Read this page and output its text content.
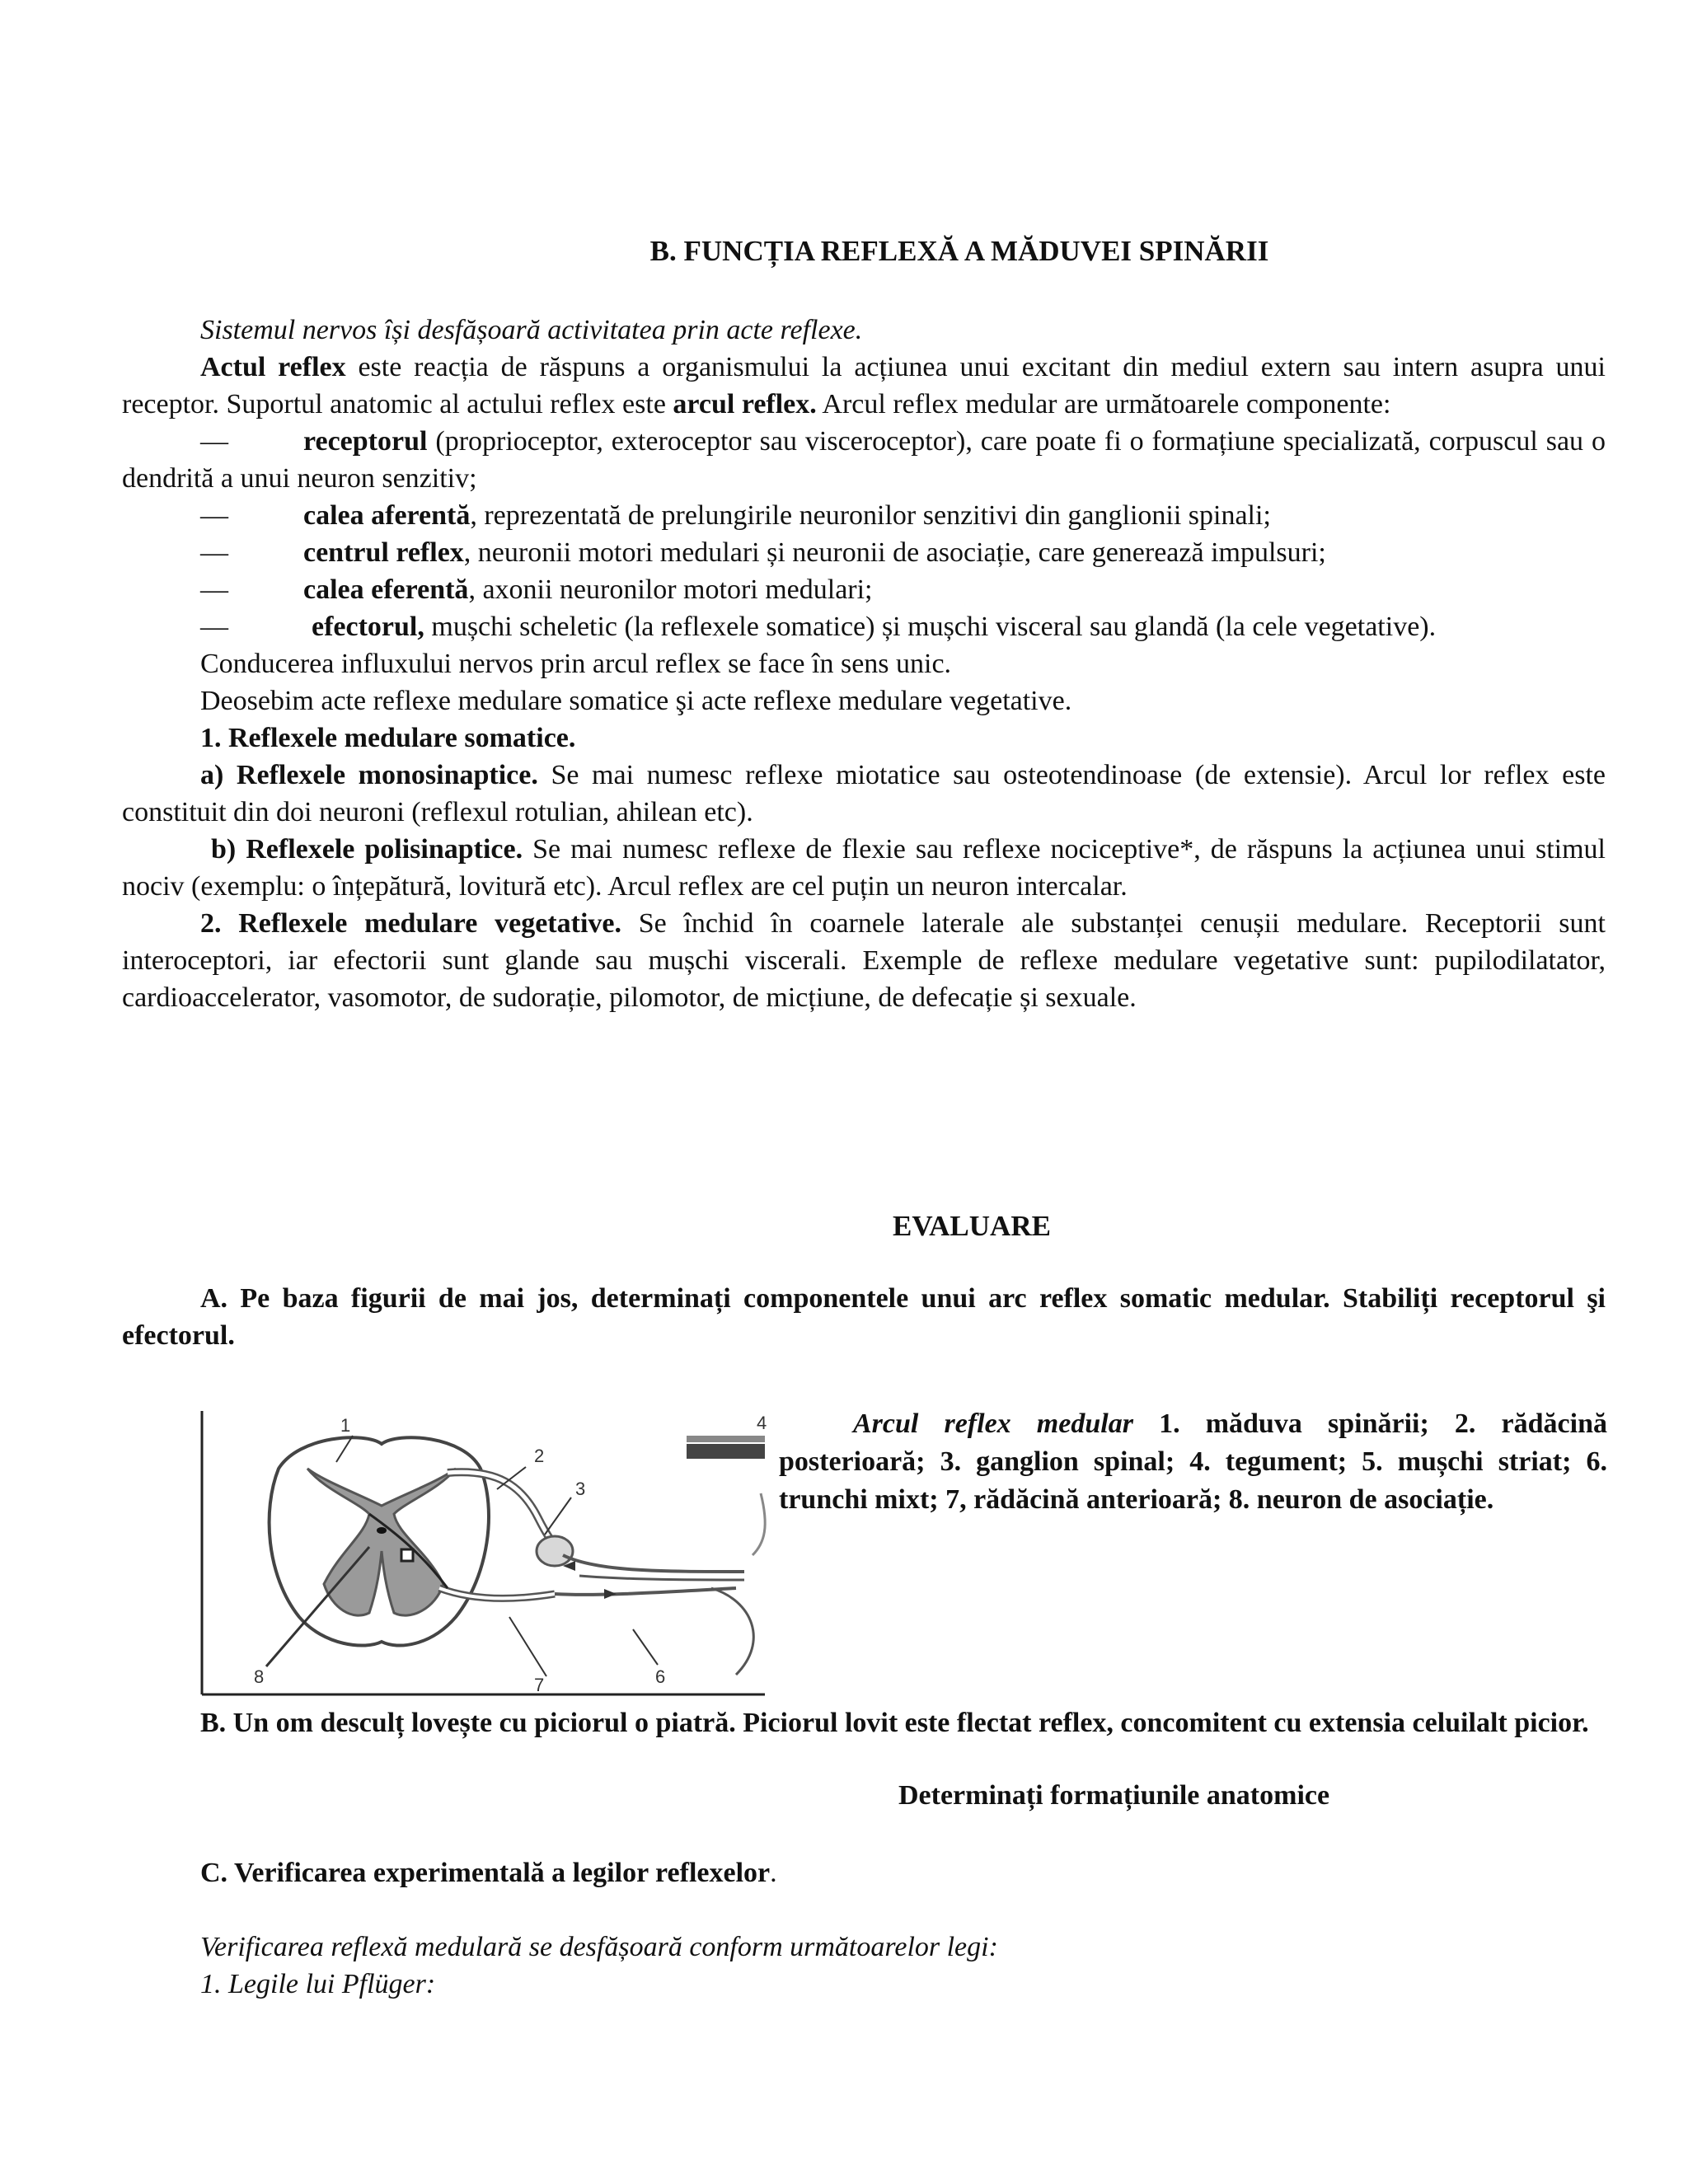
B. FUNCȚIA REFLEXĂ A MĂDUVEI SPINĂRII

Sistemul nervos își desfășoară activitatea prin acte reflexe.

Actul reflex este reacția de răspuns a organismului la acțiunea unui excitant din mediul extern sau intern asupra unui receptor. Suportul anatomic al actului reflex este arcul reflex. Arcul reflex medular are următoarele componente:

—	receptorul (proprioceptor, exteroceptor sau visceroceptor), care poate fi o formațiune specializată, corpuscul sau o dendrită a unui neuron senzitiv;

—	calea aferentă, reprezentată de prelungirile neuronilor senzitivi din ganglionii spinali;

—	centrul reflex, neuronii motori medulari și neuronii de asociație, care generează impulsuri;

—	calea eferentă, axonii neuronilor motori medulari;

—	efectorul, mușchi scheletic (la reflexele somatice) și mușchi visceral sau glandă (la cele vegetative).

Conducerea influxului nervos prin arcul reflex se face în sens unic.

Deosebim acte reflexe medulare somatice şi acte reflexe medulare vegetative.

1. Reflexele medulare somatice.

a) Reflexele monosinaptice. Se mai numesc reflexe miotatice sau osteotendinoase (de extensie). Arcul lor reflex este constituit din doi neuroni (reflexul rotulian, ahilean etc).

b) Reflexele polisinaptice. Se mai numesc reflexe de flexie sau reflexe nociceptive*, de răspuns la acțiunea unui stimul nociv (exemplu: o înțepătură, lovitură etc). Arcul reflex are cel puțin un neuron intercalar.

2. Reflexele medulare vegetative. Se închid în coarnele laterale ale substanței cenușii medulare. Receptorii sunt interoceptori, iar efectorii sunt glande sau mușchi viscerali. Exemple de reflexe medulare vegetative sunt: pupilodilatator, cardioaccelerator, vasomotor, de sudorație, pilomotor, de micțiune, de defecație și sexuale.

EVALUARE

A. Pe baza figurii de mai jos, determinați componentele unui arc reflex somatic medular. Stabiliți receptorul şi efectorul.

1
2
3
4
6
7
8
Arcul reflex medular 1. măduva spinării; 2. rădăcină posterioară; 3. ganglion spinal; 4. tegument; 5. mușchi striat; 6. trunchi mixt; 7, rădăcină anterioară; 8. neuron de asociație.

B. Un om desculț lovește cu piciorul o piatră. Piciorul lovit este flectat reflex, concomitent cu extensia celuilalt picior.

Determinați formațiunile anatomice

C. Verificarea experimentală a legilor reflexelor.

Verificarea reflexă medulară se desfășoară conform următoarelor legi:

1. Legile lui Pflüger:
